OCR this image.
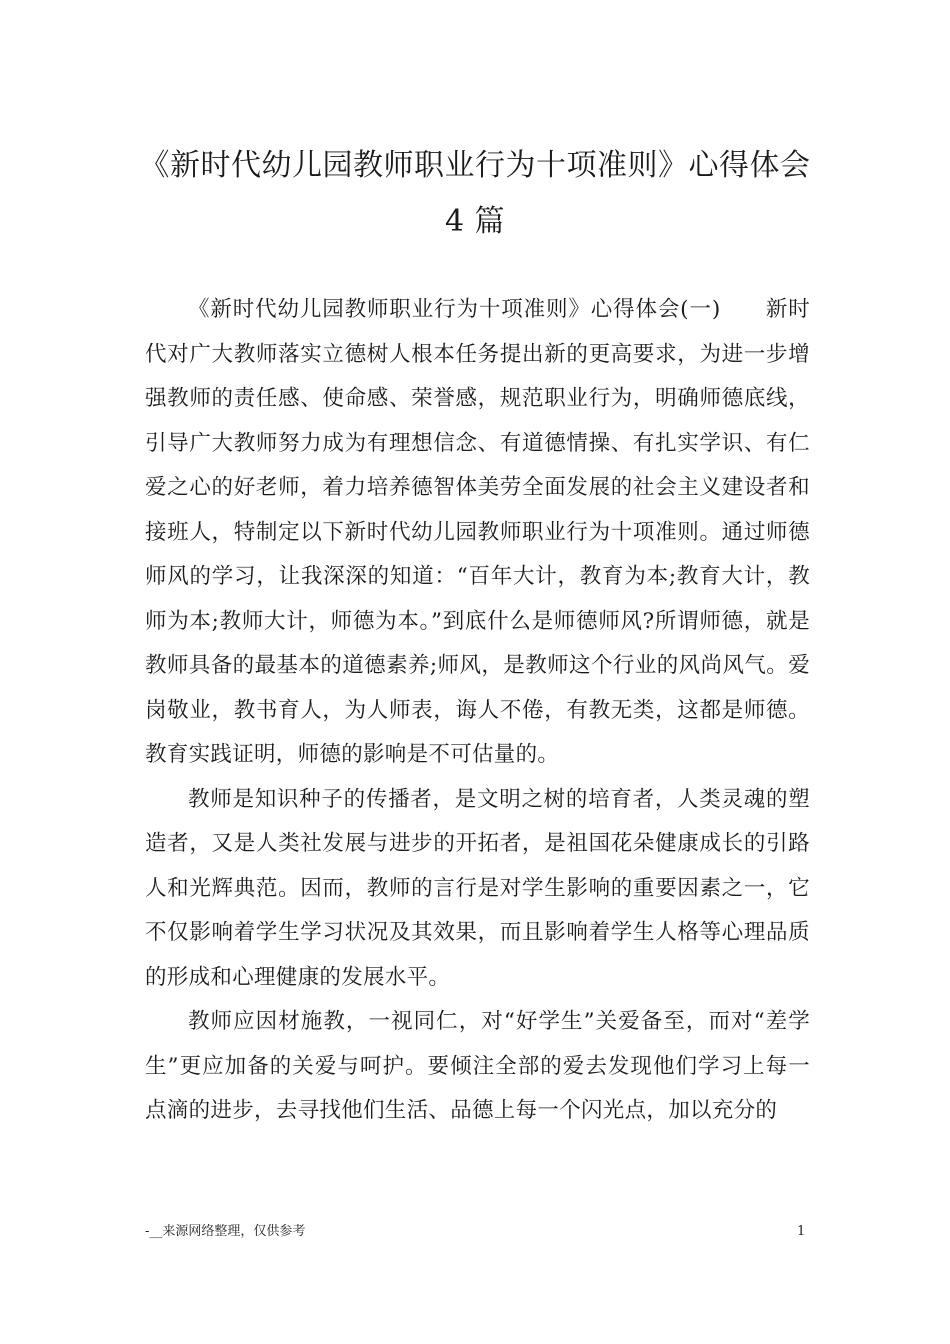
《新时代幼儿园教师职业行为十项准则》心得体会 4 篇

《新时代幼儿园教师职业行为十项准则》心得体会(一)　　新时代对广大教师落实立德树人根本任务提出新的更高要求，为进一步增强教师的责任感、使命感、荣誉感，规范职业行为，明确师德底线，引导广大教师努力成为有理想信念、有道德情操、有扎实学识、有仁爱之心的好老师，着力培养德智体美劳全面发展的社会主义建设者和接班人，特制定以下新时代幼儿园教师职业行为十项准则。通过师德师风的学习，让我深深的知道：“百年大计，教育为本;教育大计，教师为本;教师大计，师德为本。”到底什么是师德师风?所谓师德，就是教师具备的最基本的道德素养;师风，是教师这个行业的风尚风气。爱岗敬业，教书育人，为人师表，诲人不倦，有教无类，这都是师德。教育实践证明，师德的影响是不可估量的。

教师是知识种子的传播者，是文明之树的培育者，人类灵魂的塑造者，又是人类社发展与进步的开拓者，是祖国花朵健康成长的引路人和光辉典范。因而，教师的言行是对学生影响的重要因素之一，它不仅影响着学生学习状况及其效果，而且影响着学生人格等心理品质的形成和心理健康的发展水平。

教师应因材施教，一视同仁，对“好学生”关爱备至，而对“差学生”更应加备的关爱与呵护。要倾注全部的爱去发现他们学习上每一点滴的进步，去寻找他们生活、品德上每一个闪光点，加以充分的

-__来源网络整理，仅供参考	1
